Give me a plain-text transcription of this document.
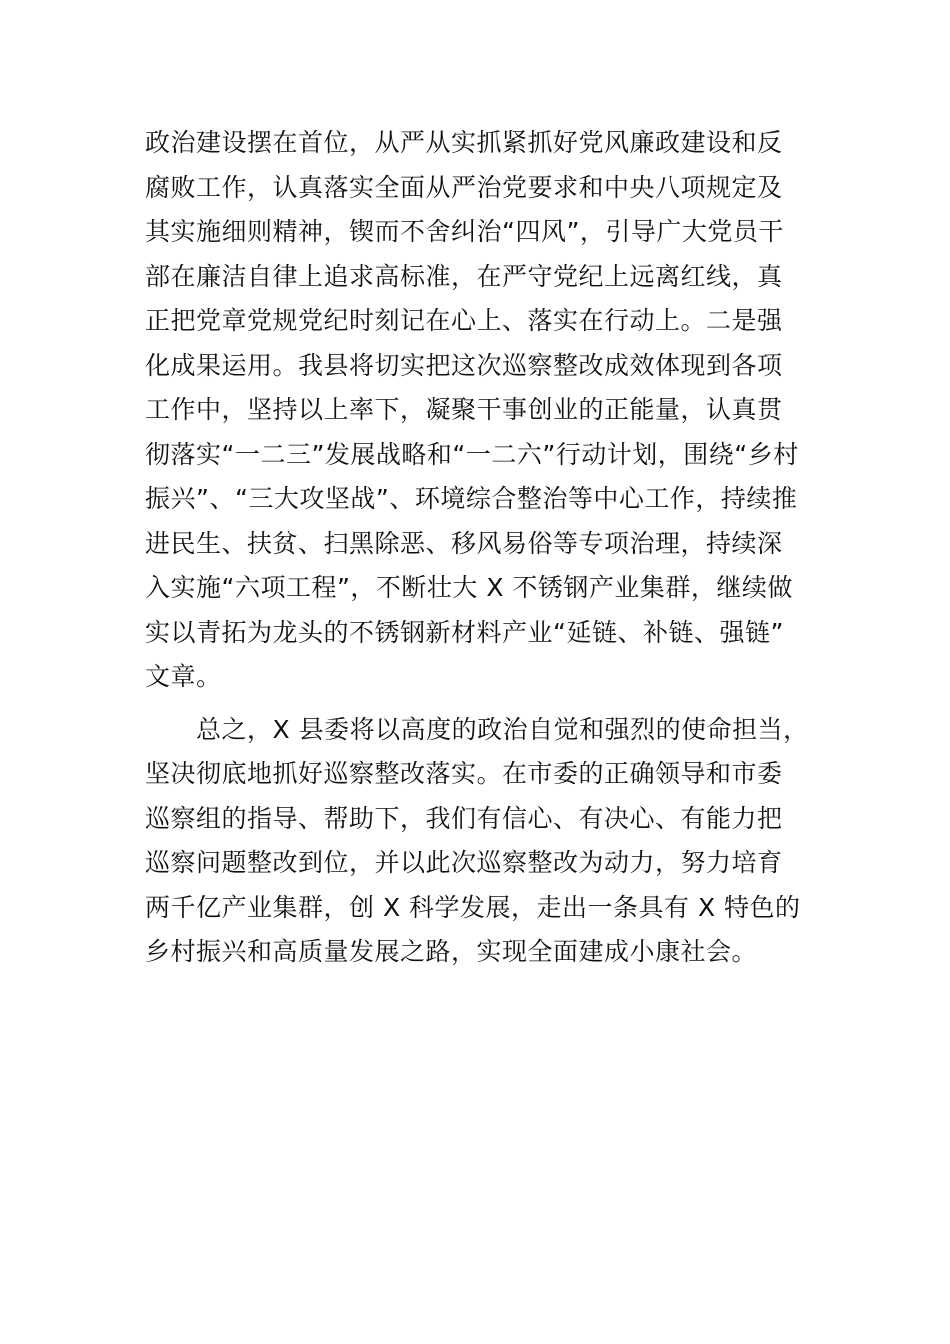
政治建设摆在首位，从严从实抓紧抓好党风廉政建设和反
腐败工作，认真落实全面从严治党要求和中央八项规定及
其实施细则精神，锲而不舍纠治“四风”，引导广大党员干
部在廉洁自律上追求高标准，在严守党纪上远离红线，真
正把党章党规党纪时刻记在心上、落实在行动上。二是强
化成果运用。我县将切实把这次巡察整改成效体现到各项
工作中，坚持以上率下，凝聚干事创业的正能量，认真贯
彻落实“一二三”发展战略和“一二六”行动计划，围绕“乡村
振兴”、“三大攻坚战”、环境综合整治等中心工作，持续推
进民生、扶贫、扫黑除恶、移风易俗等专项治理，持续深
入实施“六项工程”，不断壮大 X 不锈钢产业集群，继续做
实以青拓为龙头的不锈钢新材料产业“延链、补链、强链”
文章。
　　总之，X 县委将以高度的政治自觉和强烈的使命担当，
坚决彻底地抓好巡察整改落实。在市委的正确领导和市委
巡察组的指导、帮助下，我们有信心、有决心、有能力把
巡察问题整改到位，并以此次巡察整改为动力，努力培育
两千亿产业集群，创 X 科学发展，走出一条具有 X 特色的
乡村振兴和高质量发展之路，实现全面建成小康社会。
